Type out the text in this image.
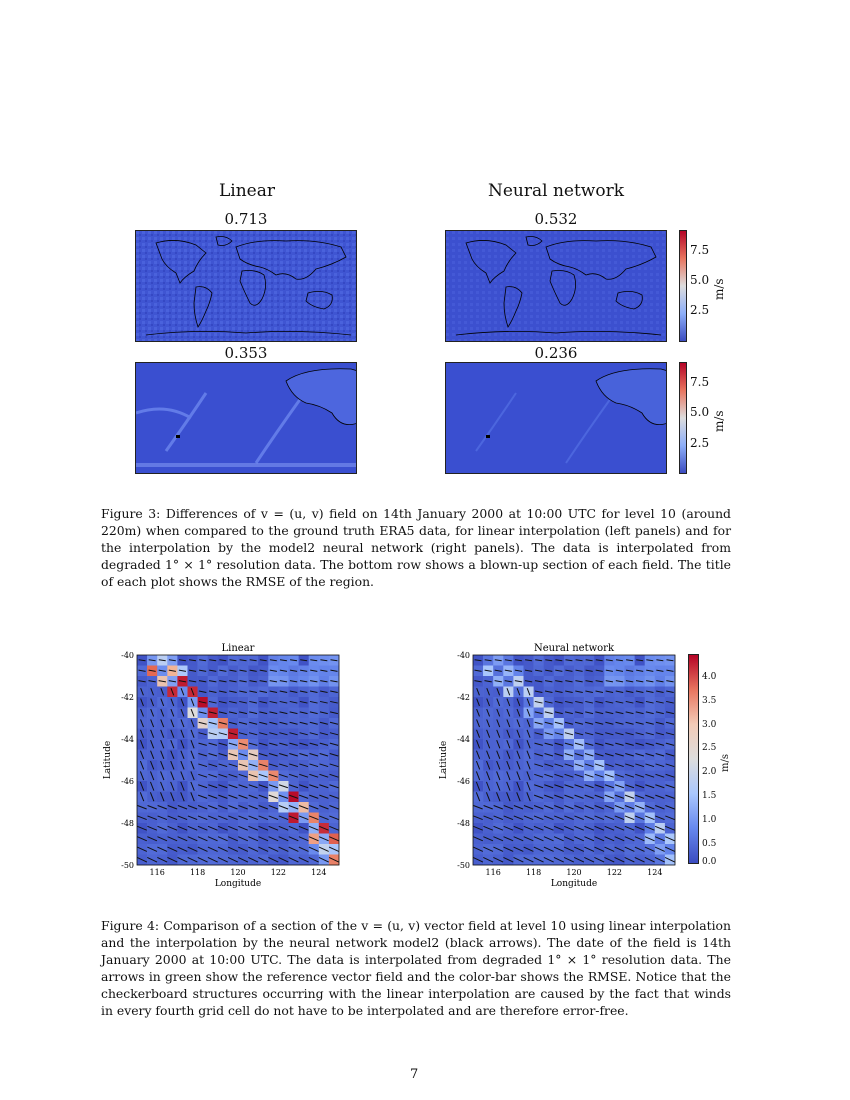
Linear	Neural network
0.713	0.532
0.353	0.236
7.5
5.0
2.5
m/s
7.5
5.0
2.5
m/s
Figure 3: Differences of v = (u, v) field on 14th January 2000 at 10:00 UTC for level 10 (around 220m) when compared to the ground truth ERA5 data, for linear interpolation (left panels) and for the interpolation by the model2 neural network (right panels). The data is interpolated from degraded 1° × 1° resolution data. The bottom row shows a blown-up section of each field. The title of each plot shows the RMSE of the region.
Linear
-40
-42
-44
-46
-48
-50
116	118	120	122	124
Longitude
Latitude
Neural network
-40
-42
-44
-46
-48
-50
116	118	120	122	124
Longitude
Latitude
4.0
3.5
3.0
2.5
2.0
1.5
1.0
0.5
0.0
m/s
Figure 4: Comparison of a section of the v = (u, v) vector field at level 10 using linear interpolation and the interpolation by the neural network model2 (black arrows). The date of the field is 14th January 2000 at 10:00 UTC. The data is interpolated from degraded 1° × 1° resolution data. The arrows in green show the reference vector field and the color-bar shows the RMSE. Notice that the checkerboard structures occurring with the linear interpolation are caused by the fact that winds in every fourth grid cell do not have to be interpolated and are therefore error-free.
7
